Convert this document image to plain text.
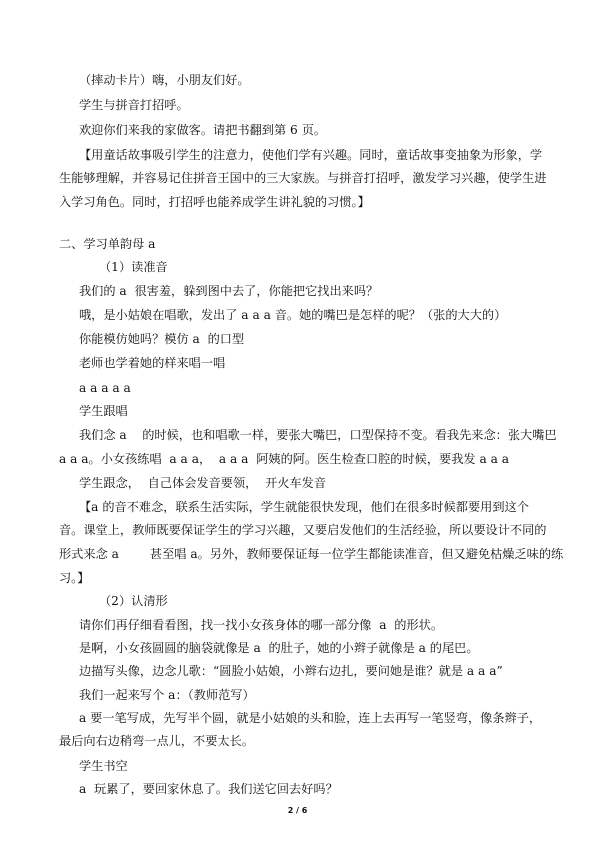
（摔动卡片）嗨，小朋友们好。
学生与拼音打招呼。
欢迎你们来我的家做客。请把书翻到第 6 页。
【用童话故事吸引学生的注意力，使他们学有兴趣。同时，童话故事变抽象为形象，学
生能够理解，并容易记住拼音王国中的三大家族。与拼音打招呼，激发学习兴趣，使学生进
入学习角色。同时，打招呼也能养成学生讲礼貌的习惯。】
二、学习单韵母 a
（1）读准音
我们的 a  很害羞，躲到图中去了，你能把它找出来吗？
哦，是小姑娘在唱歌，发出了 a a a 音。她的嘴巴是怎样的呢？（张的大大的）
你能模仿她吗？模仿 a  的口型
老师也学着她的样来唱一唱
a a a a a
学生跟唱
我们念 a    的时候，也和唱歌一样，要张大嘴巴，口型保持不变。看我先来念：张大嘴巴
a a a。小女孩练唱  a a a，  a a a  阿姨的阿。医生检查口腔的时候，要我发 a a a
学生跟念，  自己体会发音要领，  开火车发音
【a 的音不难念，联系生活实际，学生就能很快发现，他们在很多时候都要用到这个
音。课堂上，教师既要保证学生的学习兴趣，又要启发他们的生活经验，所以要设计不同的
形式来念 a        甚至唱 a。另外，教师要保证每一位学生都能读准音，但又避免枯燥乏味的练
习。】
（2）认清形
请你们再仔细看看图，找一找小女孩身体的哪一部分像  a  的形状。
是啊，小女孩圆圆的脑袋就像是 a  的肚子，她的小辫子就像是 a 的尾巴。
边描写头像，边念儿歌：“圆脸小姑娘，小辫右边扎，要问她是谁？就是 a a a”
我们一起来写个 a：（教师范写）
a 要一笔写成，先写半个圆，就是小姑娘的头和脸，连上去再写一笔竖弯，像条辫子，
最后向右边稍弯一点儿，不要太长。
学生书空
a  玩累了，要回家休息了。我们送它回去好吗？
2 / 6
